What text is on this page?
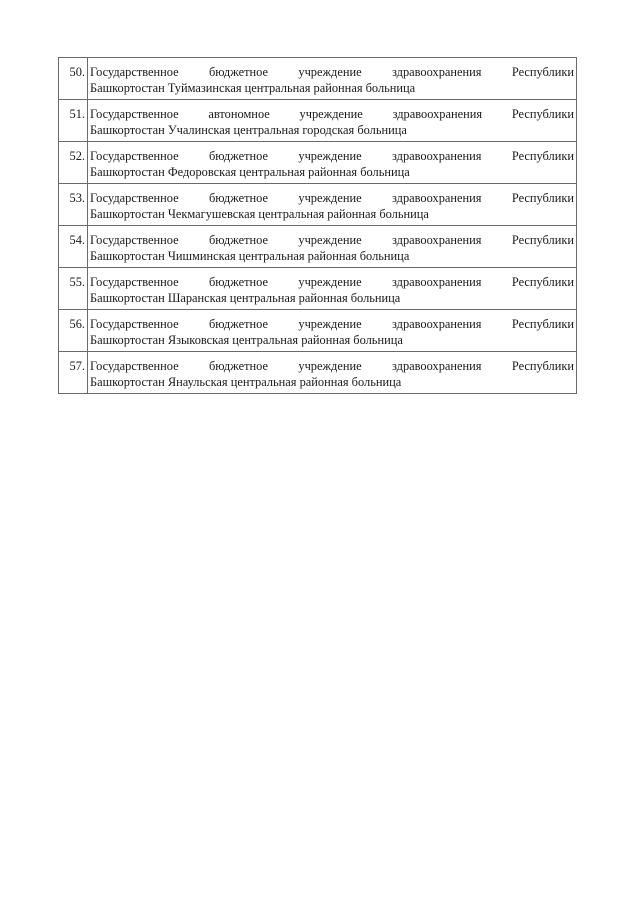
50.	Государственное бюджетное учреждение здравоохранения Республики
Башкортостан Туймазинская центральная районная больница

51.	Государственное автономное учреждение здравоохранения Республики
Башкортостан Учалинская центральная городская больница

52.	Государственное бюджетное учреждение здравоохранения Республики
Башкортостан Федоровская центральная районная больница

53.	Государственное бюджетное учреждение здравоохранения Республики
Башкортостан Чекмагушевская центральная районная больница

54.	Государственное бюджетное учреждение здравоохранения Республики
Башкортостан Чишминская центральная районная больница

55.	Государственное бюджетное учреждение здравоохранения Республики
Башкортостан Шаранская центральная районная больница

56.	Государственное бюджетное учреждение здравоохранения Республики
Башкортостан Языковская центральная районная больница

57.	Государственное бюджетное учреждение здравоохранения Республики
Башкортостан Янаульская центральная районная больница
